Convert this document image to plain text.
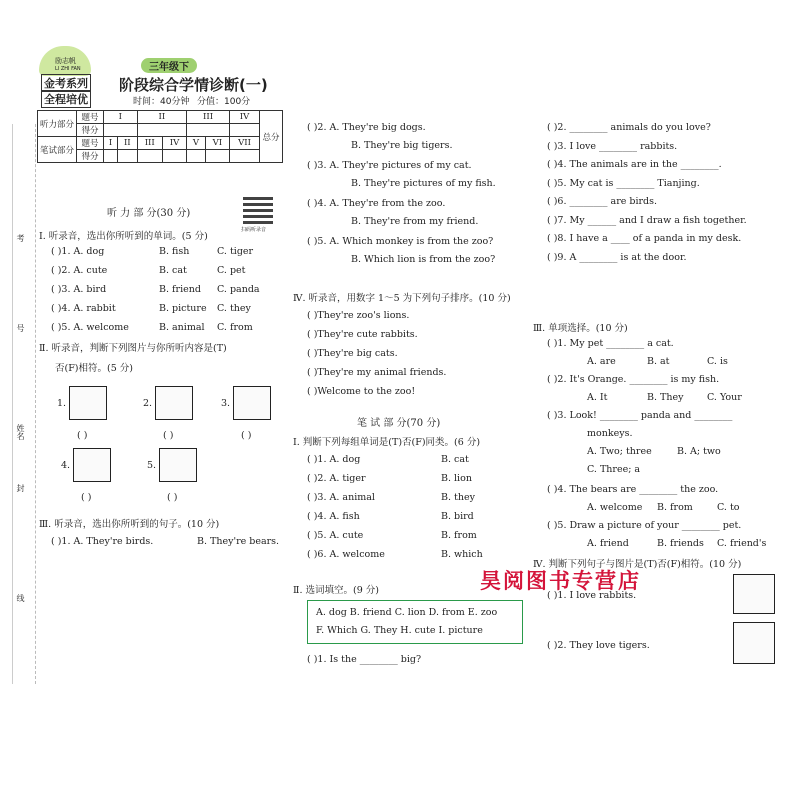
考
号
姓名
封
线
励志帆
LI ZHI FAN
金考系列
全程培优
三年级下
阶段综合学情诊断(一)
时间：40分钟 分值：100分
听力部分	题号	I		II		III		IV	总分
	得分								
笔试部分	题号	I	II	III	IV	V	VI	VII	
	得分								
扫码听录音
听 力 部 分(30 分)
Ⅰ. 听录音，选出你所听到的单词。(5 分)
( )1. A. dog	B. fish	C. tiger
( )2. A. cute	B. cat	C. pet
( )3. A. bird	B. friend C. panda
( )4. A. rabbit	B. picture C. they
( )5. A. welcome	B. animal C. from
Ⅱ. 听录音，判断下列图片与你所听内容是(T)
否(F)相符。(5 分)
1.
( )
2.
( )
3.
( )
4.
( )
5.
( )
Ⅲ. 听录音，选出你所听到的句子。(10 分)
( )1. A. They're birds.	B. They're bears.
( )2. A. They're big dogs.
B. They're big tigers.
( )3. A. They're pictures of my cat.
B. They're pictures of my fish.
( )4. A. They're from the zoo.
B. They're from my friend.
( )5. A. Which monkey is from the zoo?
B. Which lion is from the zoo?
Ⅳ. 听录音，用数字 1～5 为下列句子排序。(10 分)
( )They're zoo's lions.
( )They're cute rabbits.
( )They're big cats.
( )They're my animal friends.
( )Welcome to the zoo!
笔 试 部 分(70 分)
Ⅰ. 判断下列每组单词是(T)否(F)同类。(6 分)
( )1. A. dog	B. cat
( )2. A. tiger	B. lion
( )3. A. animal	B. they
( )4. A. fish	B. bird
( )5. A. cute	B. from
( )6. A. welcome	B. which
Ⅱ. 选词填空。(9 分)
A. dog B. friend C. lion D. from E. zoo
F. Which G. They H. cute I. picture
( )1. Is the ________ big?
( )2. ________ animals do you love?
( )3. I love ________ rabbits.
( )4. The animals are in the ________.
( )5. My cat is ________ Tianjing.
( )6. ________ are birds.
( )7. My ______ and I draw a fish together.
( )8. I have a ____ of a panda in my desk.
( )9. A ________ is at the door.
Ⅲ. 单项选择。(10 分)
( )1. My pet ________ a cat.
A. are	B. at	C. is
( )2. It's Orange. ________ is my fish.
A. It	B. They C. Your
( )3. Look! ________ panda and ________
monkeys.
A. Two; three	B. A; two
C. Three; a
( )4. The bears are ________ the zoo.
A. welcome B. from	C. to
( )5. Draw a picture of your ________ pet.
A. friend	B. friends C. friend's
Ⅳ. 判断下列句子与图片是(T)否(F)相符。(10 分)
( )1. I love rabbits.
( )2. They love tigers.
昊阅图书专营店
